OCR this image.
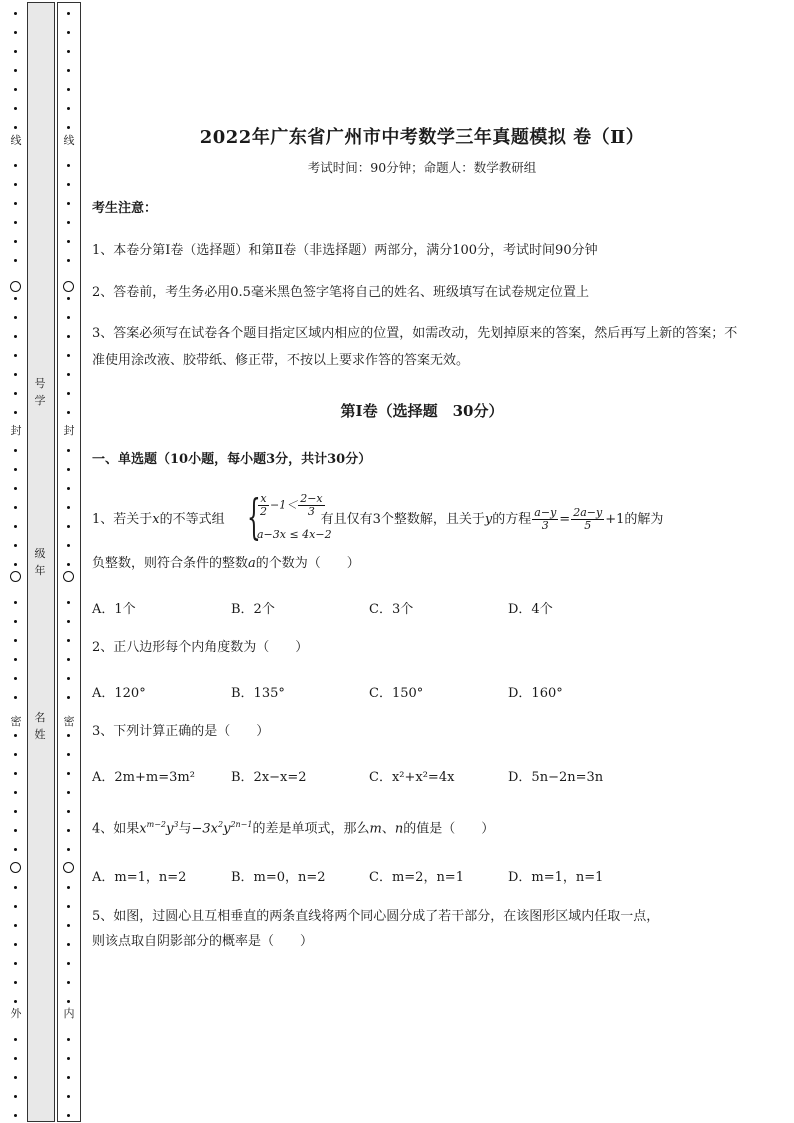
线
封
密
外
线
封
密
内
号
学
级
年
名
姓
2022年广东省广州市中考数学三年真题模拟 卷（Ⅱ）
考试时间：90分钟；命题人：数学教研组
考生注意：
1、本卷分第Ⅰ卷（选择题）和第Ⅱ卷（非选择题）两部分，满分100分，考试时间90分钟
2、答卷前，考生务必用0.5毫米黑色签字笔将自己的姓名、班级填写在试卷规定位置上
3、答案必须写在试卷各个题目指定区域内相应的位置，如需改动，先划掉原来的答案，然后再写上新的答案；不准使用涂改液、胶带纸、修正带，不按以上要求作答的答案无效。
第Ⅰ卷（选择题　30分）
一、单选题（10小题，每小题3分，共计30分）
1、若关于x的不等式组	有且仅有3个整数解，且关于y的方程 $\frac{a-y}{3} = \frac{2a-y}{5} +1$的解为
{
$\frac{x}{2} -1< \frac{2-x}{3}$
a−3x ≤ 4x−2
负整数，则符合条件的整数a的个数为（　　）
A．1个	B．2个	C．3个	D．4个
2、正八边形每个内角度数为（　　）
A．120°	B．135°	C．150°	D．160°
3、下列计算正确的是（　　）
A．2m+m=3m²	B．2x−x=2	C．x²+x²=4x	D．5n−2n=3n
4、如果$x^{m-2}y^3$与$-3x^2y^{2n-1}$的差是单项式，那么m、n的值是（　　）
A．m=1，n=2	B．m=0，n=2	C．m=2，n=1	D．m=1，n=1
5、如图，过圆心且互相垂直的两条直线将两个同心圆分成了若干部分，在该图形区域内任取一点，
则该点取自阴影部分的概率是（　　）
